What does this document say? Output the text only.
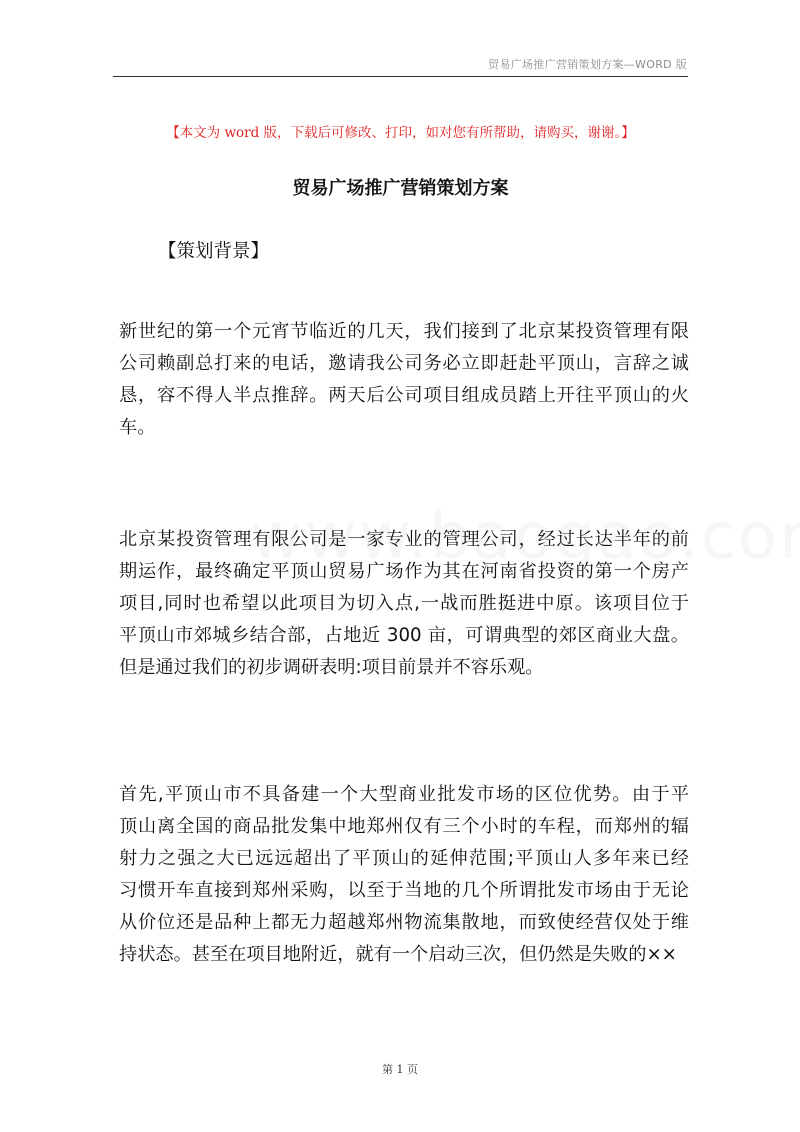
贸易广场推广营销策划方案—WORD 版
【本文为 word 版，下载后可修改、打印，如对您有所帮助，请购买，谢谢。】
贸易广场推广营销策划方案
【策划背景】
新世纪的第一个元宵节临近的几天，我们接到了北京某投资管理有限
公司赖副总打来的电话，邀请我公司务必立即赶赴平顶山，言辞之诚
恳，容不得人半点推辞。两天后公司项目组成员踏上开往平顶山的火
车。
北京某投资管理有限公司是一家专业的管理公司，经过长达半年的前
期运作，最终确定平顶山贸易广场作为其在河南省投资的第一个房产
项目,同时也希望以此项目为切入点,一战而胜挺进中原。该项目位于
平顶山市郊城乡结合部，占地近 300 亩，可谓典型的郊区商业大盘。
但是通过我们的初步调研表明:项目前景并不容乐观。
首先,平顶山市不具备建一个大型商业批发市场的区位优势。由于平
顶山离全国的商品批发集中地郑州仅有三个小时的车程，而郑州的辐
射力之强之大已远远超出了平顶山的延伸范围;平顶山人多年来已经
习惯开车直接到郑州采购，以至于当地的几个所谓批发市场由于无论
从价位还是品种上都无力超越郑州物流集散地，而致使经营仅处于维
持状态。甚至在项目地附近，就有一个启动三次，但仍然是失败的××
第 1 页
